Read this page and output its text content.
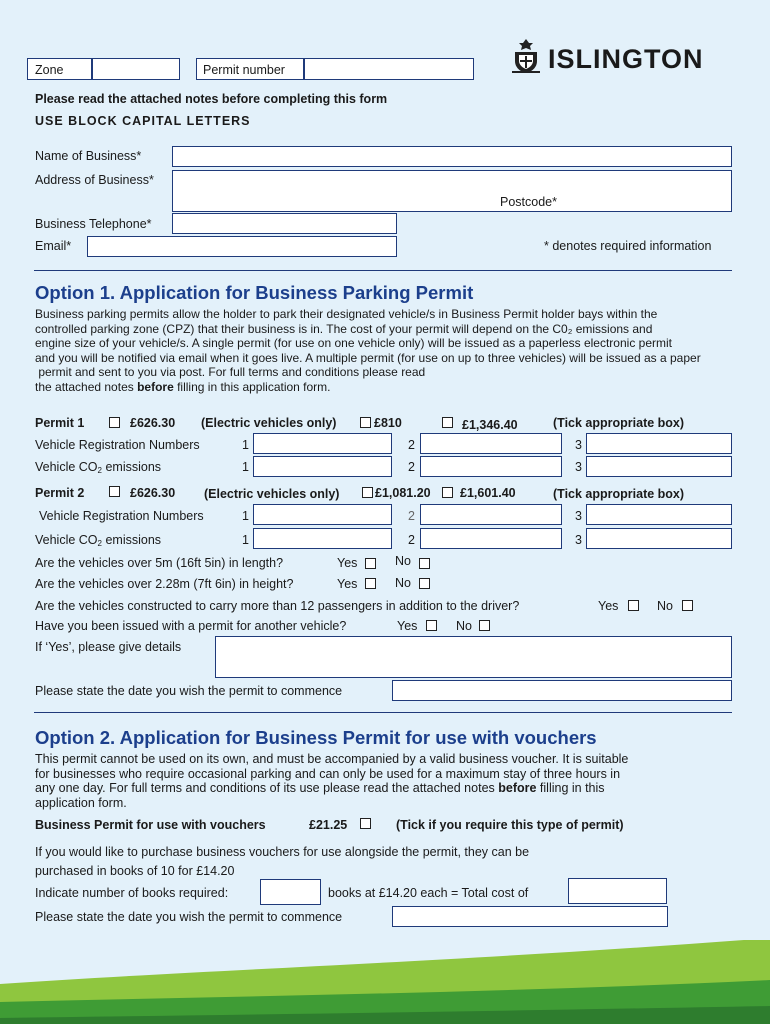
Zone	Permit number	ISLINGTON
Please read the attached notes before completing this form
USE BLOCK CAPITAL LETTERS
Name of Business*
Address of Business*
Postcode*
Business Telephone*
Email*	* denotes required information
Option 1. Application for Business Parking Permit
Business parking permits allow the holder to park their designated vehicle/s in Business Permit holder bays within the
controlled parking zone (CPZ) that their business is in. The cost of your permit will depend on the C0₂ emissions and
engine size of your vehicle/s. A single permit (for use on one vehicle only) will be issued as a paperless electronic permit
and you will be notified via email when it goes live. A multiple permit (for use on up to three vehicles) will be issued as a paper
permit and sent to you via post. For full terms and conditions please read
the attached notes before filling in this application form.
Permit 1	£626.30 (Electric vehicles only)	£810	£1,346.40	(Tick appropriate box)
Vehicle Registration Numbers	1	2	3
Vehicle $CO_2$ emissions	1	2	3
Permit 2	£626.30 (Electric vehicles only)	£1,081.20 £1,601.40	(Tick appropriate box)
Vehicle Registration Numbers	1	2	3
Vehicle $CO_2$ emissions	1	2	3
Are the vehicles over 5m (16ft 5in) in length?	Yes	No
Are the vehicles over 2.28m (7ft 6in) in height?	Yes	No
Are the vehicles constructed to carry more than 12 passengers in addition to the driver?	Yes	No
Have you been issued with a permit for another vehicle?	Yes	No
If ‘Yes’, please give details
Please state the date you wish the permit to commence
Option 2. Application for Business Permit for use with vouchers
This permit cannot be used on its own, and must be accompanied by a valid business voucher. It is suitable
for businesses who require occasional parking and can only be used for a maximum stay of three hours in
any one day. For full terms and conditions of its use please read the attached notes before filling in this
application form.
Business Permit for use with vouchers	£21.25	(Tick if you require this type of permit)
If you would like to purchase business vouchers for use alongside the permit, they can be
purchased in books of 10 for £14.20
Indicate number of books required:	books at £14.20 each = Total cost of
Please state the date you wish the permit to commence
